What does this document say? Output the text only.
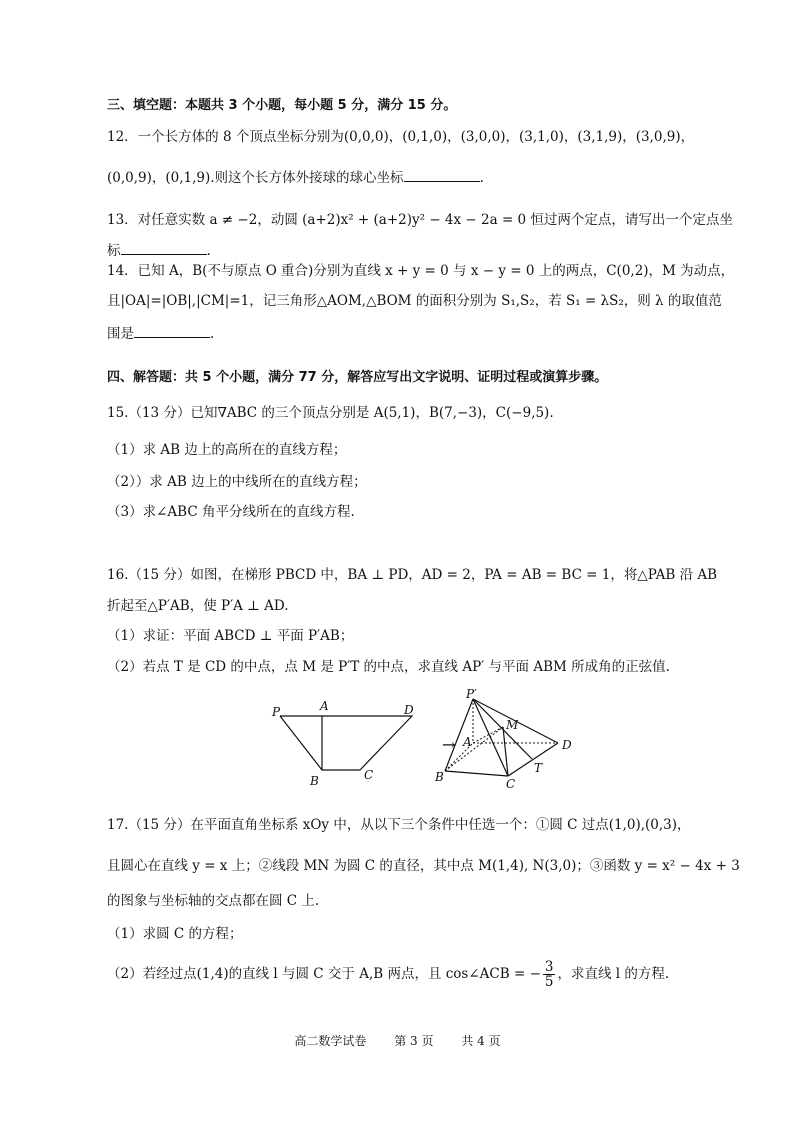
三、填空题：本题共 3 个小题，每小题 5 分，满分 15 分。
12．一个长方体的 8 个顶点坐标分别为(0,0,0)，(0,1,0)，(3,0,0)，(3,1,0)，(3,1,9)，(3,0,9)，
(0,0,9)，(0,1,9).则这个长方体外接球的球心坐标	.
13．对任意实数 a ≠ −2，动圆 (a+2)x² + (a+2)y² − 4x − 2a = 0 恒过两个定点，请写出一个定点坐
标	.
14．已知 A，B(不与原点 O 重合)分别为直线 x + y = 0 与 x − y = 0 上的两点，C(0,2)，M 为动点，
且|OA|=|OB|,|CM|=1，记三角形△AOM,△BOM 的面积分别为 S₁,S₂，若 S₁ = λS₂，则 λ 的取值范
围是	.
四、解答题：共 5 个小题，满分 77 分，解答应写出文字说明、证明过程或演算步骤。
15.（13 分）已知∇ABC 的三个顶点分别是 A(5,1)，B(7,−3)，C(−9,5).
（1）求 AB 边上的高所在的直线方程；
（2））求 AB 边上的中线所在的直线方程；
（3）求∠ABC 角平分线所在的直线方程.
16.（15 分）如图，在梯形 PBCD 中，BA ⊥ PD，AD = 2，PA = AB = BC = 1，将△PAB 沿 AB
折起至△P′AB，使 P′A ⊥ AD.
（1）求证：平面 ABCD ⊥ 平面 P′AB；
（2）若点 T 是 CD 的中点，点 M 是 P′T 的中点，求直线 AP′ 与平面 ABM 所成角的正弦值.
P	A	D
B	C
→
P′
M
A	D
B	C
T
17.（15 分）在平面直角坐标系 xOy 中，从以下三个条件中任选一个：①圆 C 过点(1,0),(0,3)，
且圆心在直线 y = x 上；②线段 MN 为圆 C 的直径，其中点 M(1,4), N(3,0)；③函数 y = x² − 4x + 3
的图象与坐标轴的交点都在圆 C 上.
（1）求圆 C 的方程；
（2）若经过点(1,4)的直线 l 与圆 C 交于 A,B 两点，且 cos∠ACB = − $\frac{3}{5}$ ，求直线 l 的方程.
高二数学试卷 第 3 页 共 4 页
